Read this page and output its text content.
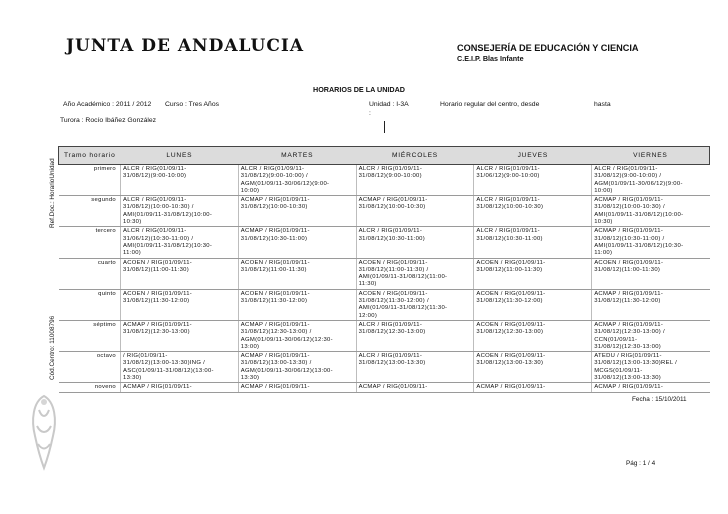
JUNTA DE ANDALUCIA	CONSEJERÍA DE EDUCACIÓN Y CIENCIA
C.E.I.P. Blas Infante
HORARIOS DE LA UNIDAD
Año Académico : 2011 / 2012 Curso : Tres Años	Unidad : I-3A
:
Horario regular del centro, desde	hasta
Turora : Rocío Ibáñez González
Ref.Doc.: HorarioUnidad
Cód.Centro: 11008796
Tramo horario	LUNES	MARTES	MIÉRCOLES	JUEVES	VIERNES
primero	ALCR / RIG(01/09/11-
31/08/12)(9:00-10:00)	ALCR / RIG(01/09/11-
31/08/12)(9:00-10:00) /
AGM(01/09/11-30/06/12)(9:00-
10:00)	ALCR / RIG(01/09/11-
31/08/12)(9:00-10:00)	ALCR / RIG(01/09/11-
31/06/12)(9:00-10:00)	ALCR / RIG(01/09/11-
31/08/12)(9:00-10:00) /
AGM(01/09/11-30/06/12)(9:00-
10:00)
segundo	ALCR / RIG(01/09/11-
31/08/12)(10:00-10:30) /
AMI(01/09/11-31/08/12)(10:00-
10:30)	ACMAP / RIG(01/09/11-
31/08/12)(10:00-10:30)	ACMAP / RIG(01/09/11-
31/08/12)(10:00-10:30)	ALCR / RIG(01/09/11-
31/08/12)(10:00-10:30)	ACMAP / RIG(01/09/11-
31/08/12)(10:00-10:30) /
AMI(01/09/11-31/08/12)(10:00-
10:30)
tercero	ALCR / RIG(01/09/11-
31/06/12)(10:30-11:00) /
AMI(01/09/11-31/08/12)(10:30-
11:00)	ACMAP / RIG(01/09/11-
31/08/12)(10:30-11:00)	ALCR / RIG(01/09/11-
31/08/12)(10:30-11:00)	ALCR / RIG(01/09/11-
31/08/12)(10:30-11:00)	ACMAP / RIG(01/09/11-
31/08/12)(10:30-11:00) /
AMI(01/09/11-31/08/12)(10:30-
11:00)
cuarto	ACOEN / RIG(01/09/11-
31/08/12)(11:00-11:30)	ACOEN / RIG(01/09/11-
31/08/12)(11:00-11:30)	ACOEN / RIG(01/09/11-
31/08/12)(11:00-11:30) /
AMI(01/09/11-31/08/12)(11:00-
11:30)	ACOEN / RIG(01/09/11-
31/08/12)(11:00-11:30)	ACOEN / RIG(01/09/11-
31/08/12)(11:00-11:30)
quinto	ACOEN / RIG(01/09/11-
31/08/12)(11:30-12:00)	ACOEN / RIG(01/09/11-
31/08/12)(11:30-12:00)	ACOEN / RIG(01/09/11-
31/08/12)(11:30-12:00) /
AMI(01/09/11-31/08/12)(11:30-
12:00)	ACOEN / RIG(01/09/11-
31/08/12)(11:30-12:00)	ACMAP / RIG(01/09/11-
31/08/12)(11:30-12:00)
séptimo	ACMAP / RIG(01/09/11-
31/08/12)(12:30-13:00)	ACMAP / RIG(01/09/11-
31/08/12)(12:30-13:00) /
AGM(01/09/11-30/06/12)(12:30-
13:00)	ALCR / RIG(01/09/11-
31/08/12)(12:30-13:00)	ACOEN / RIG(01/09/11-
31/08/12)(12:30-13:00)	ACMAP / RIG(01/09/11-
31/08/12)(12:30-13:00) /
CCN(01/09/11-
31/08/12)(12:30-13:00)
octavo	/ RIG(01/09/11-
31/08/12)(13:00-13:30)ING /
ASC(01/09/11-31/08/12)(13:00-
13:30)	ACMAP / RIG(01/09/11-
31/08/12)(13:00-13:30) /
AGM(01/09/11-30/06/12)(13:00-
13:30)	ALCR / RIG(01/09/11-
31/08/12)(13:00-13:30)	ACOEN / RIG(01/09/11-
31/08/12)(13:00-13:30)	ATEDU / RIG(01/09/11-
31/08/12)(13:00-13:30)REL /
MCGS(01/09/11-
31/08/12)(13:00-13:30)
noveno	ACMAP / RIG(01/09/11-	ACMAP / RIG(01/09/11-	ACMAP / RIG(01/09/11-	ACMAP / RIG(01/09/11-	ACMAP / RIG(01/09/11-
Fecha : 15/10/2011
Pág : 1 / 4
